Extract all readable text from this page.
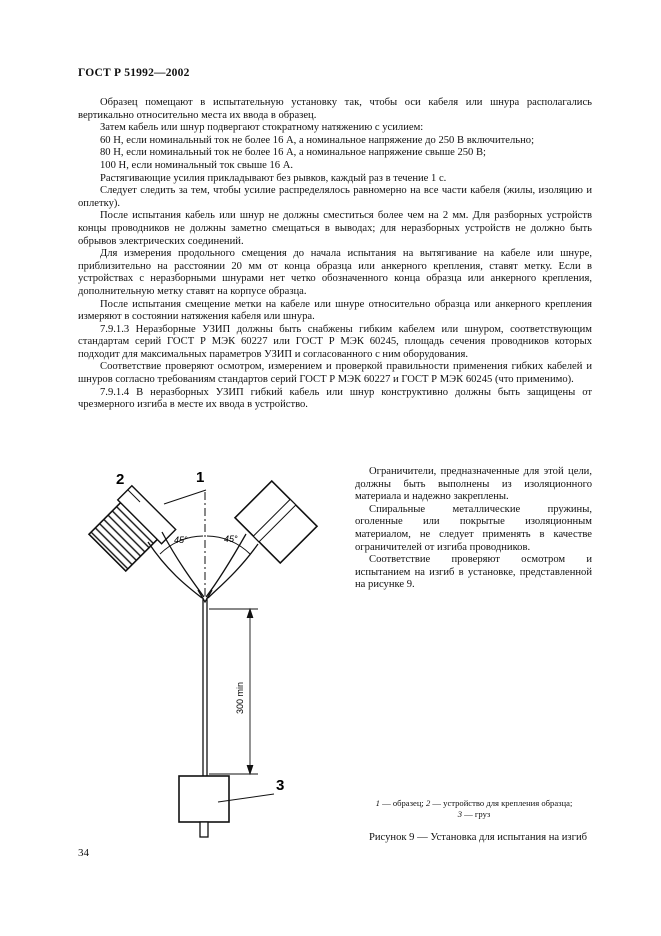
ГОСТ Р 51992—2002

Образец помещают в испытательную установку так, чтобы оси кабеля или шнура располагались вертикально относительно места их ввода в образец.

Затем кабель или шнур подвергают стократному натяжению с усилием:

60 Н, если номинальный ток не более 16 А, а номинальное напряжение до 250 В включительно;

80 Н, если номинальный ток не более 16 А, а номинальное напряжение свыше 250 В;

100 Н, если номинальный ток свыше 16 А.

Растягивающие усилия прикладывают без рывков, каждый раз в течение 1 с.

Следует следить за тем, чтобы усилие распределялось равномерно на все части кабеля (жилы, изоляцию и оплетку).

После испытания кабель или шнур не должны сместиться более чем на 2 мм. Для разборных устройств концы проводников не должны заметно смещаться в выводах; для неразборных устройств не должно быть обрывов электрических соединений.

Для измерения продольного смещения до начала испытания на вытягивание на кабеле или шнуре, приблизительно на расстоянии 20 мм от конца образца или анкерного крепления, ставят метку. Если в устройствах с неразборными шнурами нет четко обозначенного конца образца или анкерного крепления, дополнительную метку ставят на корпусе образца.

После испытания смещение метки на кабеле или шнуре относительно образца или анкерного крепления измеряют в состоянии натяжения кабеля или шнура.

7.9.1.3 Неразборные УЗИП должны быть снабжены гибким кабелем или шнуром, соответствующим стандартам серий ГОСТ Р МЭК 60227 или ГОСТ Р МЭК 60245, площадь сечения проводников которых подходит для максимальных параметров УЗИП и согласованного с ним оборудования.

Соответствие проверяют осмотром, измерением и проверкой правильности применения гибких кабелей и шнуров согласно требованиям стандартов серий ГОСТ Р МЭК 60227 и ГОСТ Р МЭК 60245 (что применимо).

7.9.1.4 В неразборных УЗИП гибкий кабель или шнур конструктивно должны быть защищены от чрезмерного изгиба в месте их ввода в устройство.

Ограничители, предназначенные для этой цели, должны быть выполнены из изоляционного материала и надежно закреплены.

Спиральные металлические пружины, оголенные или покрытые изоляционным материалом, не следует применять в качестве ограничителей от изгиба проводников.

Соответствие проверяют осмотром и испытанием на изгиб в установке, представленной на рисунке 9.

45°	45°
300 min
1
2
3
1 — образец; 2 — устройство для крепления образца;
3 — груз
Рисунок 9 — Установка для испытания на изгиб
34
